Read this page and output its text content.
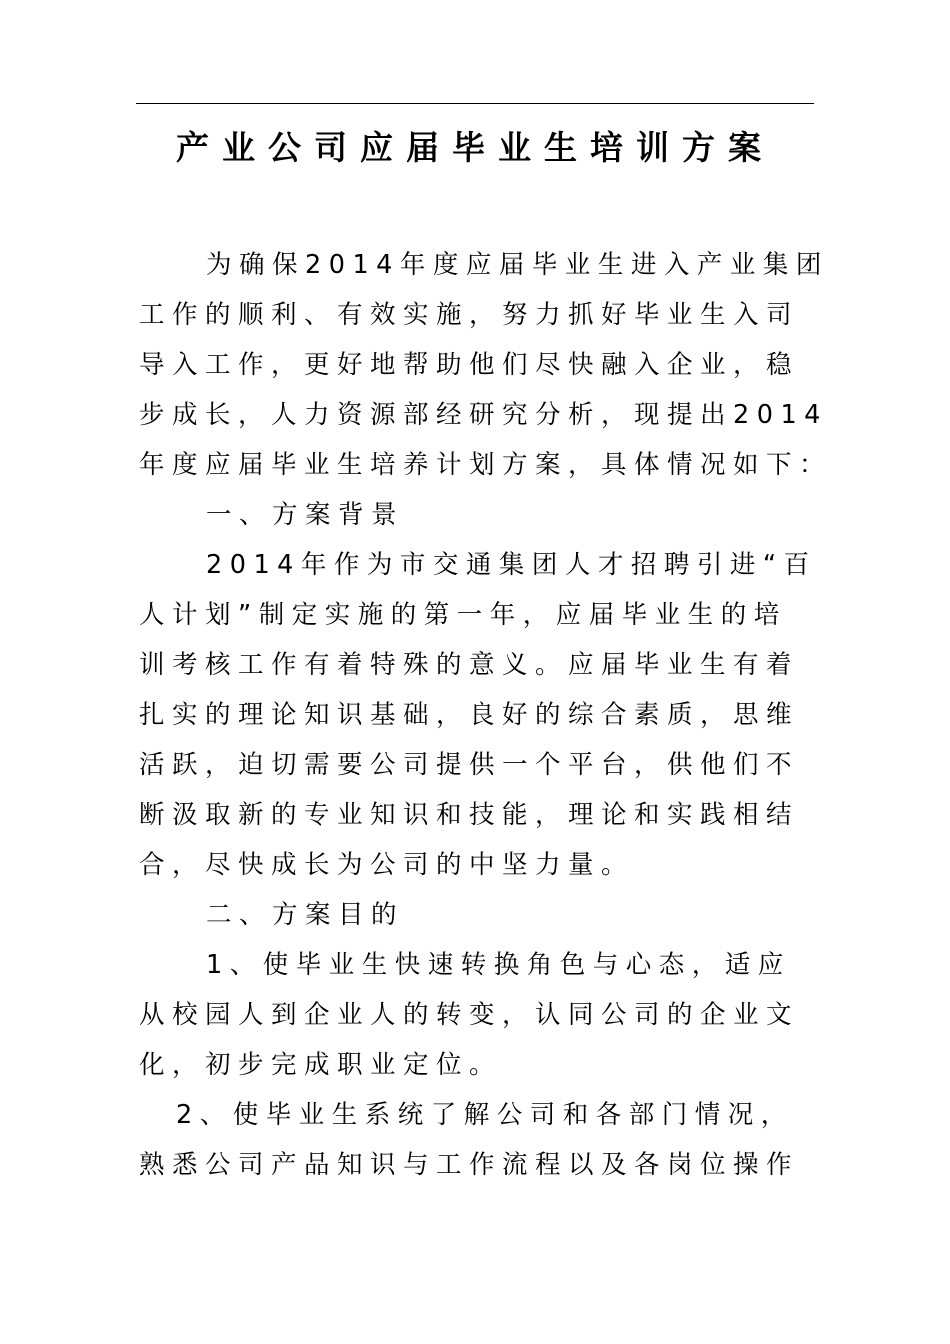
产业公司应届毕业生培训方案
为确保2014年度应届毕业生进入产业集团
工作的顺利、有效实施，努力抓好毕业生入司
导入工作，更好地帮助他们尽快融入企业，稳
步成长，人力资源部经研究分析，现提出2014
年度应届毕业生培养计划方案，具体情况如下：
一、方案背景
2014年作为市交通集团人才招聘引进“百
人计划”制定实施的第一年，应届毕业生的培
训考核工作有着特殊的意义。应届毕业生有着
扎实的理论知识基础，良好的综合素质，思维
活跃，迫切需要公司提供一个平台，供他们不
断汲取新的专业知识和技能，理论和实践相结
合，尽快成长为公司的中坚力量。
二、方案目的
1、使毕业生快速转换角色与心态，适应
从校园人到企业人的转变，认同公司的企业文
化，初步完成职业定位。
2、使毕业生系统了解公司和各部门情况，
熟悉公司产品知识与工作流程以及各岗位操作
